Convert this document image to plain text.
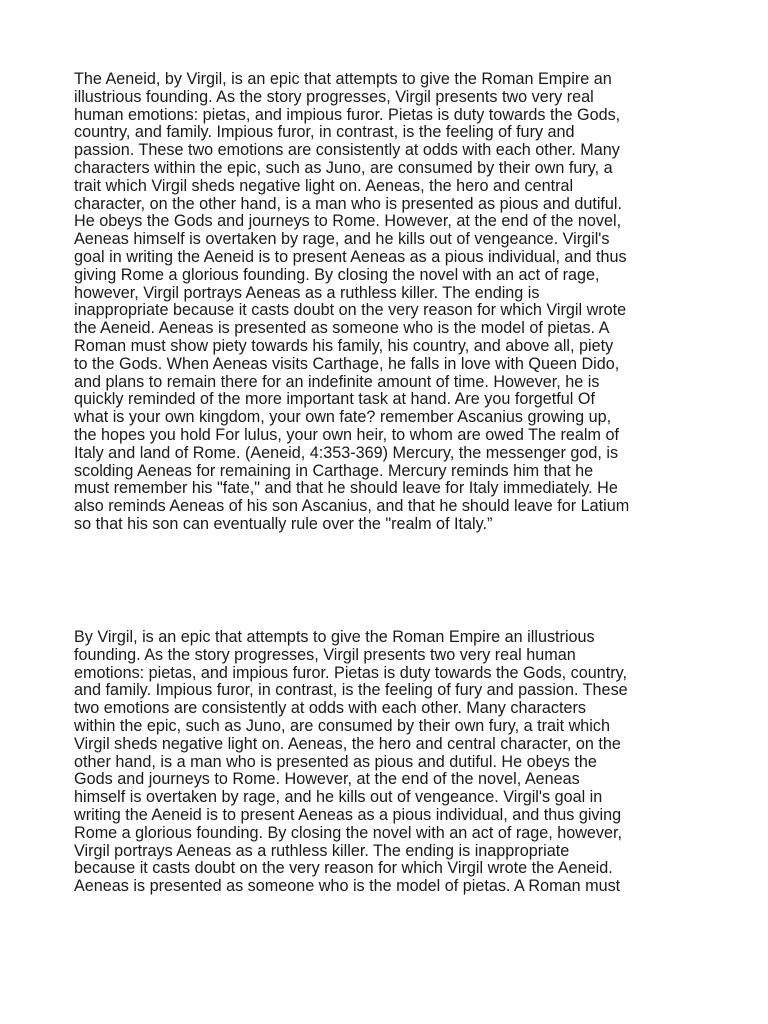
The Aeneid, by Virgil, is an epic that attempts to give the Roman Empire an
illustrious founding. As the story progresses, Virgil presents two very real
human emotions: pietas, and impious furor. Pietas is duty towards the Gods,
country, and family. Impious furor, in contrast, is the feeling of fury and
passion. These two emotions are consistently at odds with each other. Many
characters within the epic, such as Juno, are consumed by their own fury, a
trait which Virgil sheds negative light on. Aeneas, the hero and central
character, on the other hand, is a man who is presented as pious and dutiful.
He obeys the Gods and journeys to Rome. However, at the end of the novel,
Aeneas himself is overtaken by rage, and he kills out of vengeance. Virgil's
goal in writing the Aeneid is to present Aeneas as a pious individual, and thus
giving Rome a glorious founding. By closing the novel with an act of rage,
however, Virgil portrays Aeneas as a ruthless killer. The ending is
inappropriate because it casts doubt on the very reason for which Virgil wrote
the Aeneid. Aeneas is presented as someone who is the model of pietas. A
Roman must show piety towards his family, his country, and above all, piety
to the Gods. When Aeneas visits Carthage, he falls in love with Queen Dido,
and plans to remain there for an indefinite amount of time. However, he is
quickly reminded of the more important task at hand. Are you forgetful Of
what is your own kingdom, your own fate? remember Ascanius growing up,
the hopes you hold For lulus, your own heir, to whom are owed The realm of
Italy and land of Rome. (Aeneid, 4:353-369) Mercury, the messenger god, is
scolding Aeneas for remaining in Carthage. Mercury reminds him that he
must remember his "fate," and that he should leave for Italy immediately. He
also reminds Aeneas of his son Ascanius, and that he should leave for Latium
so that his son can eventually rule over the "realm of Italy.”
By Virgil, is an epic that attempts to give the Roman Empire an illustrious
founding. As the story progresses, Virgil presents two very real human
emotions: pietas, and impious furor. Pietas is duty towards the Gods, country,
and family. Impious furor, in contrast, is the feeling of fury and passion. These
two emotions are consistently at odds with each other. Many characters
within the epic, such as Juno, are consumed by their own fury, a trait which
Virgil sheds negative light on. Aeneas, the hero and central character, on the
other hand, is a man who is presented as pious and dutiful. He obeys the
Gods and journeys to Rome. However, at the end of the novel, Aeneas
himself is overtaken by rage, and he kills out of vengeance. Virgil's goal in
writing the Aeneid is to present Aeneas as a pious individual, and thus giving
Rome a glorious founding. By closing the novel with an act of rage, however,
Virgil portrays Aeneas as a ruthless killer. The ending is inappropriate
because it casts doubt on the very reason for which Virgil wrote the Aeneid.
Aeneas is presented as someone who is the model of pietas. A Roman must
